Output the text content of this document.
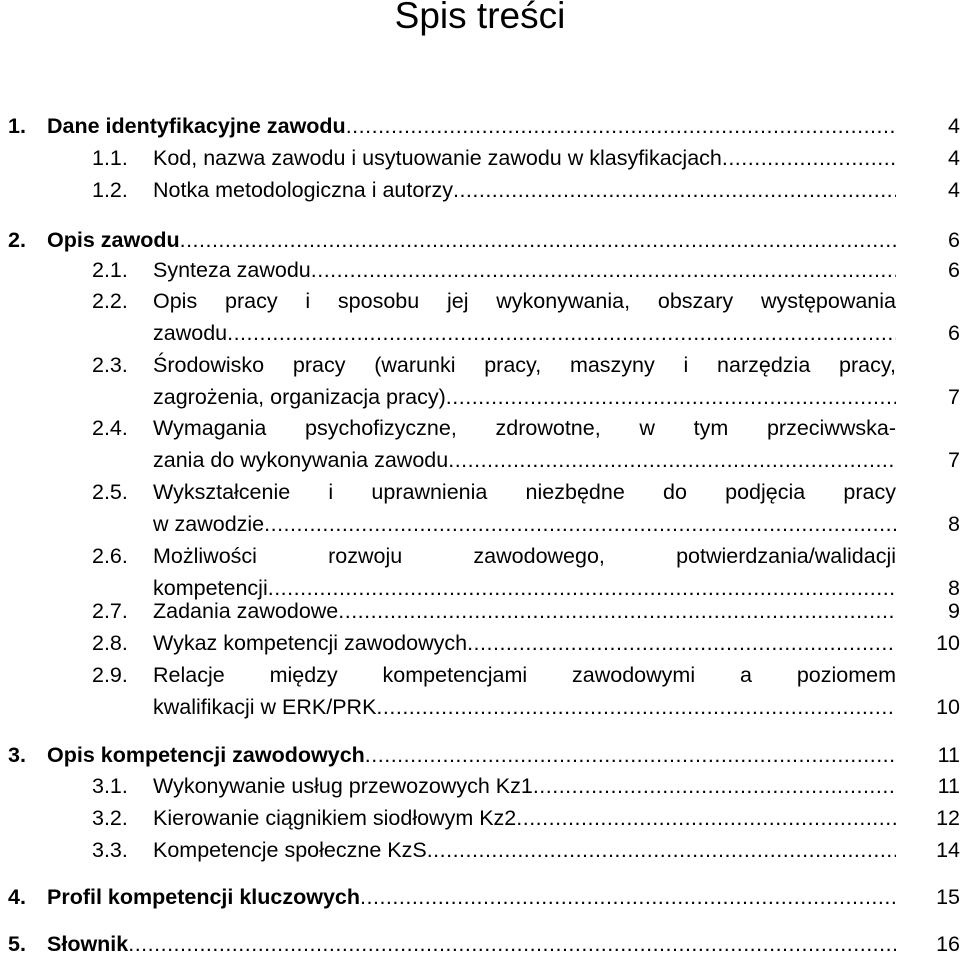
Spis treści
1. Dane identyfikacyjne zawodu .....	4
1.1. Kod, nazwa zawodu i usytuowanie zawodu w klasyfikacjach .....	4
1.2. Notka metodologiczna i autorzy .....	4
2. Opis zawodu .....	6
2.1. Synteza zawodu .....	6
2.2. Opis pracy i sposobu jej wykonywania, obszary występowania
zawodu .....	6
2.3. Środowisko pracy (warunki pracy, maszyny i narzędzia pracy,
zagrożenia, organizacja pracy) .....	7
2.4. Wymagania psychofizyczne, zdrowotne, w tym przeciwwska-
zania do wykonywania zawodu .....	7
2.5. Wykształcenie i uprawnienia niezbędne do podjęcia pracy
w zawodzie .....	8
2.6. Możliwości rozwoju zawodowego, potwierdzania/walidacji
kompetencji .....	8
2.7. Zadania zawodowe .....	9
2.8. Wykaz kompetencji zawodowych .....	10
2.9. Relacje między kompetencjami zawodowymi a poziomem
kwalifikacji w ERK/PRK .....	10
3. Opis kompetencji zawodowych .....	11
3.1. Wykonywanie usług przewozowych Kz1 .....	11
3.2. Kierowanie ciągnikiem siodłowym Kz2 .....	12
3.3. Kompetencje społeczne KzS .....	14
4. Profil kompetencji kluczowych .....	15
5. Słownik .....	16
